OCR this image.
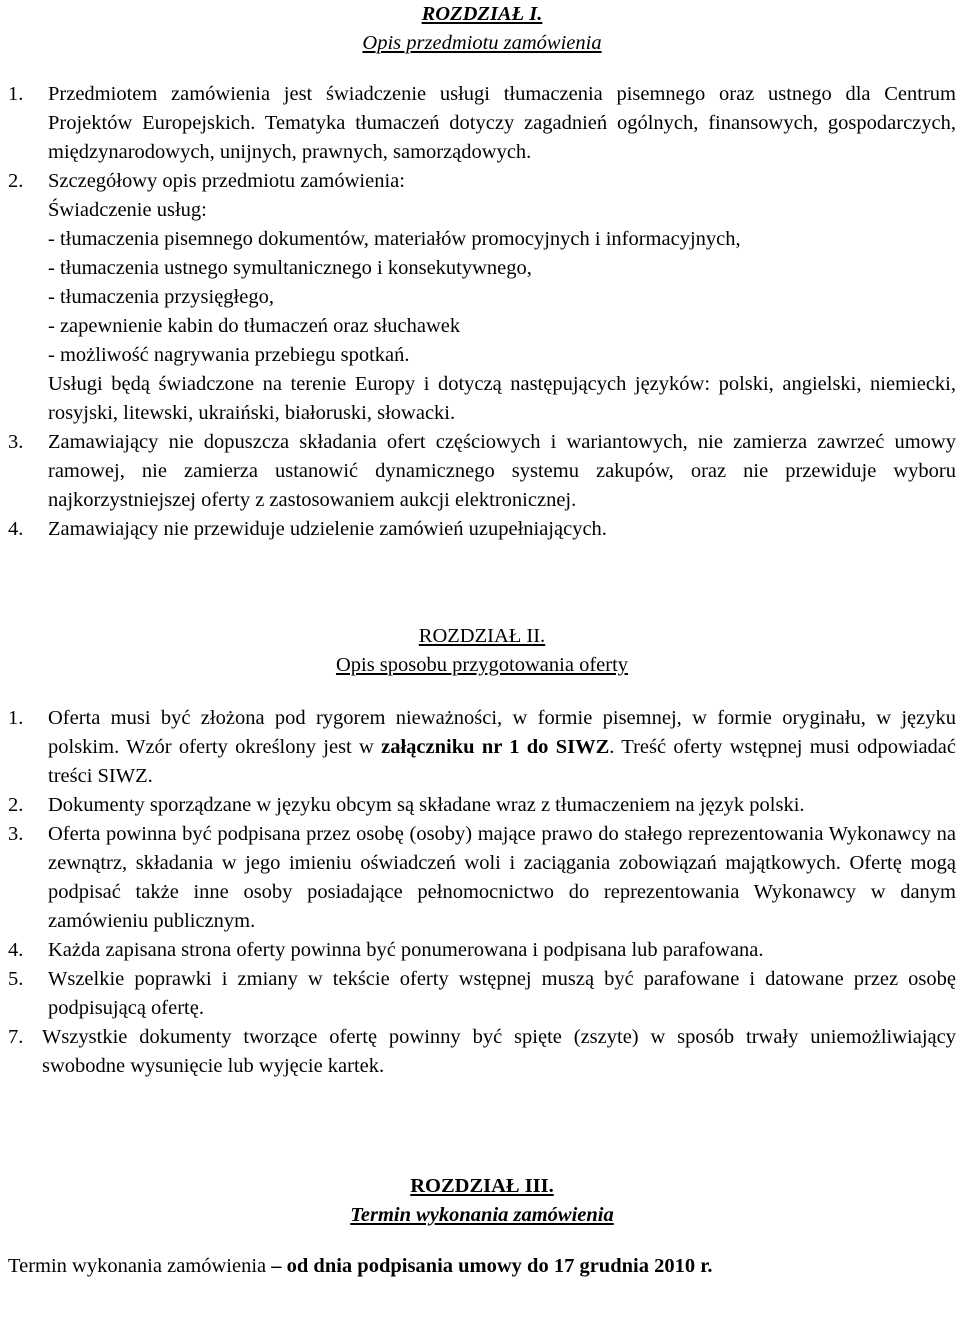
ROZDZIAŁ I.
Opis przedmiotu zamówienia
1. Przedmiotem zamówienia jest świadczenie usługi tłumaczenia pisemnego oraz ustnego dla Centrum Projektów Europejskich. Tematyka tłumaczeń dotyczy zagadnień ogólnych, finansowych, gospodarczych, międzynarodowych, unijnych, prawnych, samorządowych.

2. Szczegółowy opis przedmiotu zamówienia:

Świadczenie usług:

- tłumaczenia pisemnego dokumentów, materiałów promocyjnych i informacyjnych,

- tłumaczenia ustnego symultanicznego i konsekutywnego,

- tłumaczenia przysięgłego,

- zapewnienie kabin do tłumaczeń oraz słuchawek

- możliwość nagrywania przebiegu spotkań.

Usługi będą świadczone na terenie Europy i dotyczą następujących języków: polski, angielski, niemiecki, rosyjski, litewski, ukraiński, białoruski, słowacki.

3. Zamawiający nie dopuszcza składania ofert częściowych i wariantowych, nie zamierza zawrzeć umowy ramowej, nie zamierza ustanowić dynamicznego systemu zakupów, oraz nie przewiduje wyboru najkorzystniejszej oferty z zastosowaniem aukcji elektronicznej.

4. Zamawiający nie przewiduje udzielenie zamówień uzupełniających.

ROZDZIAŁ II.
Opis sposobu przygotowania oferty
1. Oferta musi być złożona pod rygorem nieważności, w formie pisemnej, w formie oryginału, w języku polskim. Wzór oferty określony jest w załączniku nr 1 do SIWZ. Treść oferty wstępnej musi odpowiadać treści SIWZ.

2. Dokumenty sporządzane w języku obcym są składane wraz z tłumaczeniem na język polski.

3. Oferta powinna być podpisana przez osobę (osoby) mające prawo do stałego reprezentowania Wykonawcy na zewnątrz, składania w jego imieniu oświadczeń woli i zaciągania zobowiązań majątkowych. Ofertę mogą podpisać także inne osoby posiadające pełnomocnictwo do reprezentowania Wykonawcy w danym zamówieniu publicznym.

4. Każda zapisana strona oferty powinna być ponumerowana i podpisana lub parafowana.

5. Wszelkie poprawki i zmiany w tekście oferty wstępnej muszą być parafowane i datowane przez osobę podpisującą ofertę.

7. Wszystkie dokumenty tworzące ofertę powinny być spięte (zszyte) w sposób trwały uniemożliwiający swobodne wysunięcie lub wyjęcie kartek.

ROZDZIAŁ III.
Termin wykonania zamówienia

Termin wykonania zamówienia – od dnia podpisania umowy do 17 grudnia 2010 r.
